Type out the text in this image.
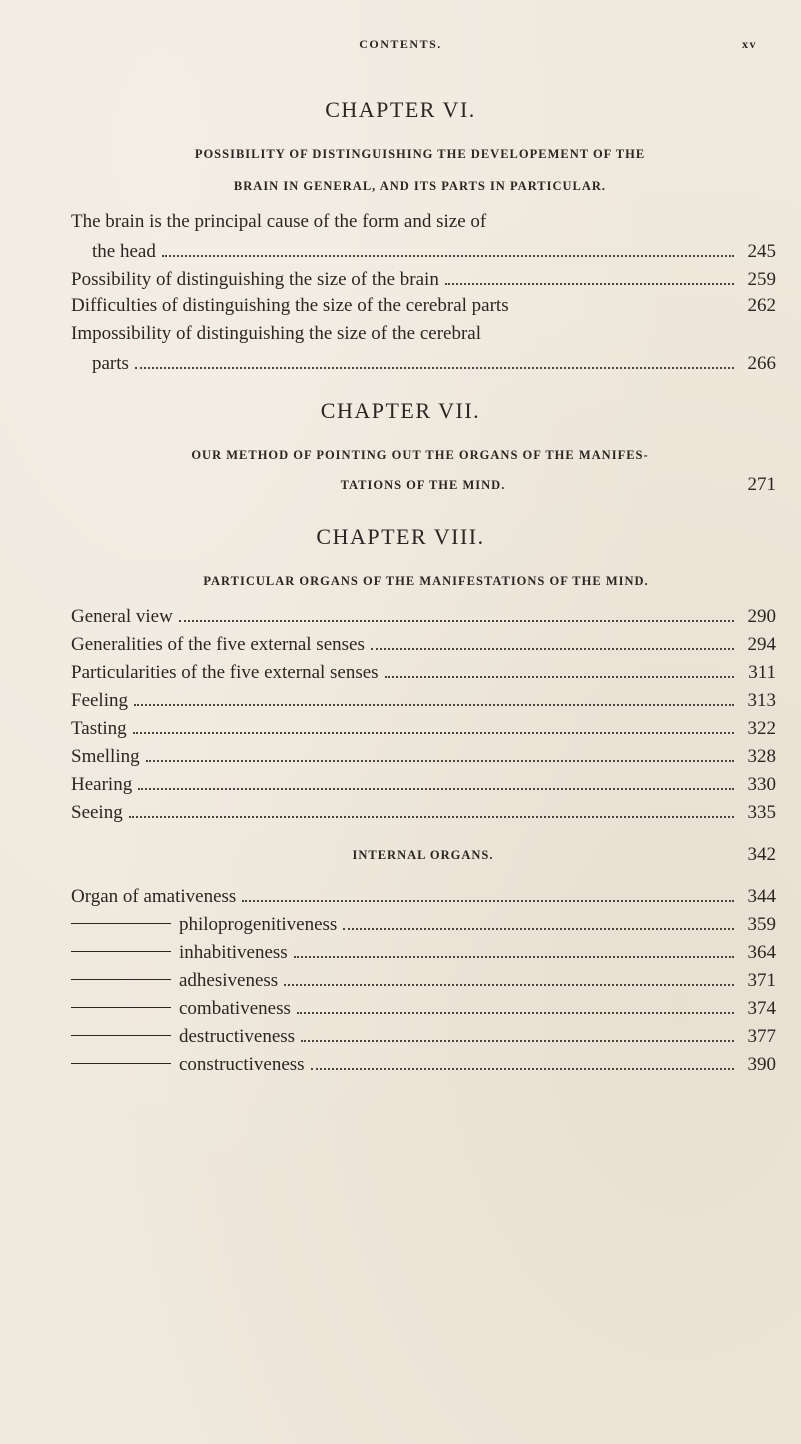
CONTENTS.	xv
CHAPTER VI.
POSSIBILITY OF DISTINGUISHING THE DEVELOPEMENT OF THE
BRAIN IN GENERAL, AND ITS PARTS IN PARTICULAR.
The brain is the principal cause of the form and size of
the head	245
Possibility of distinguishing the size of the brain	259
Difficulties of distinguishing the size of the cerebral parts	262
Impossibility of distinguishing the size of the cerebral
parts	266
CHAPTER VII.
OUR METHOD OF POINTING OUT THE ORGANS OF THE MANIFES-
TATIONS OF THE MIND.	271
CHAPTER VIII.
PARTICULAR ORGANS OF THE MANIFESTATIONS OF THE MIND.
General view	290
Generalities of the five external senses	294
Particularities of the five external senses	311
Feeling	313
Tasting	322
Smelling	328
Hearing	330
Seeing	335
INTERNAL ORGANS.	342
Organ of amativeness	344
philoprogenitiveness	359
inhabitiveness	364
adhesiveness	371
combativeness	374
destructiveness	377
constructiveness	390
